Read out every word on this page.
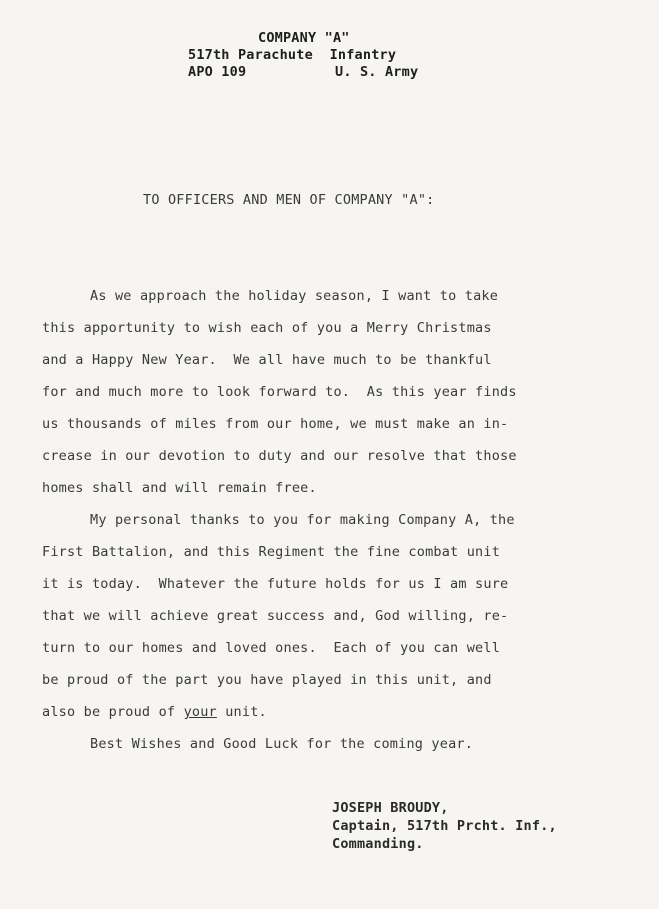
COMPANY "A"
517th Parachute  Infantry
APO 109	U. S. Army
TO OFFICERS AND MEN OF COMPANY "A":
As we approach the holiday season, I want to take
this apportunity to wish each of you a Merry Christmas
and a Happy New Year.  We all have much to be thankful
for and much more to look forward to.  As this year finds
us thousands of miles from our home, we must make an in-
crease in our devotion to duty and our resolve that those
homes shall and will remain free.
My personal thanks to you for making Company A, the
First Battalion, and this Regiment the fine combat unit
it is today.  Whatever the future holds for us I am sure
that we will achieve great success and, God willing, re-
turn to our homes and loved ones.  Each of you can well
be proud of the part you have played in this unit, and
also be proud of your unit.
Best Wishes and Good Luck for the coming year.
JOSEPH BROUDY,
Captain, 517th Prcht. Inf.,
Commanding.
